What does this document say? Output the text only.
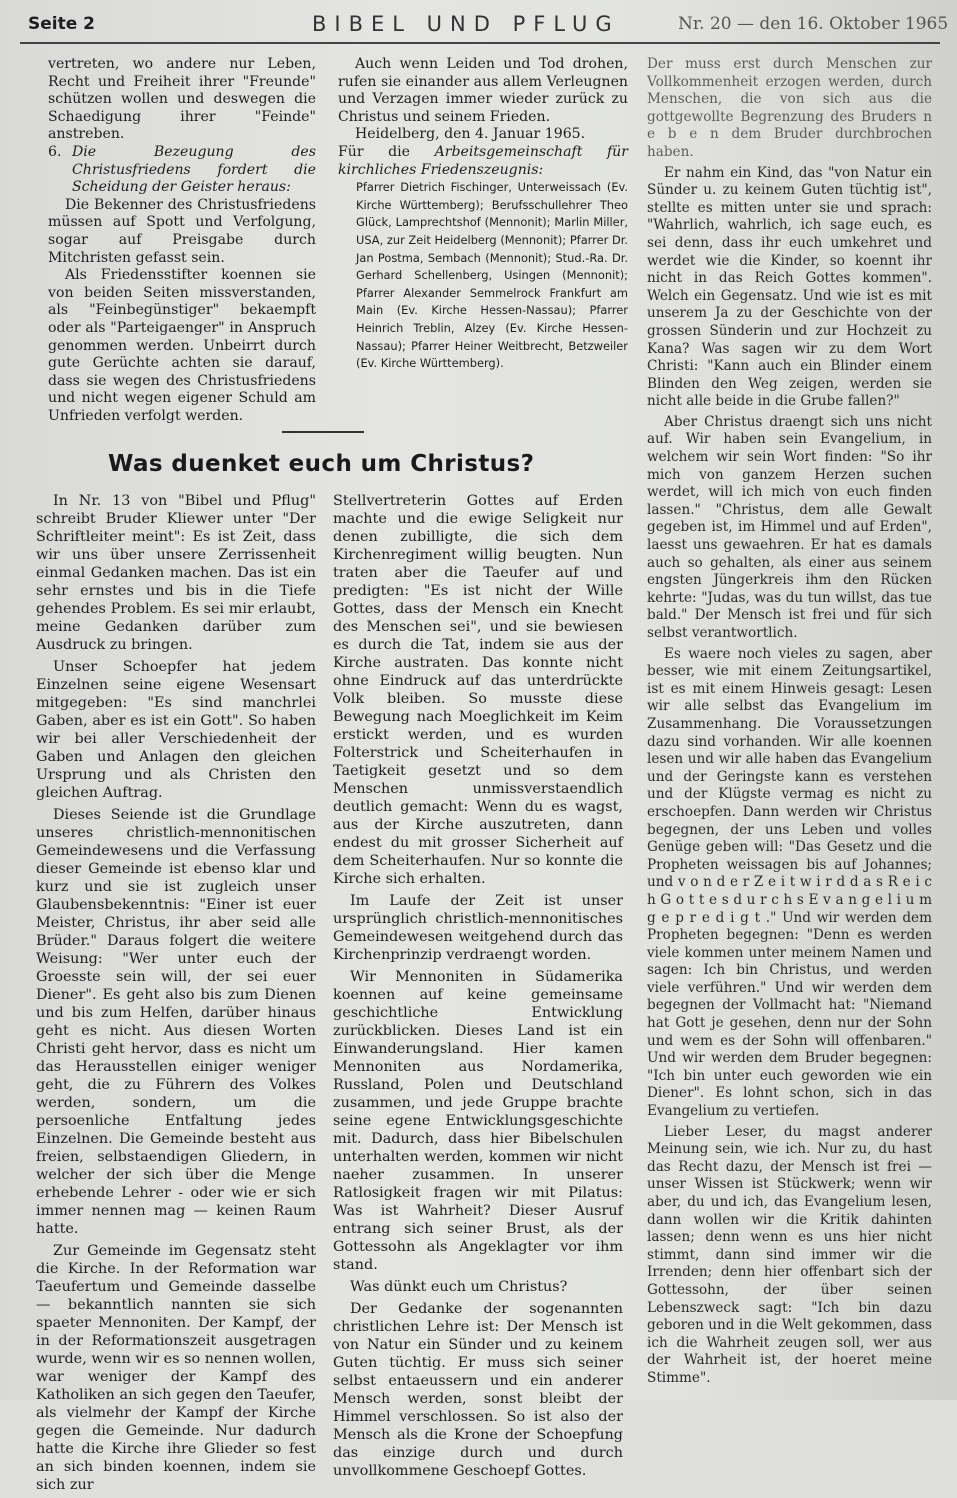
Seite 2	BIBEL UND PFLUG	Nr. 20 — den 16. Oktober 1965

vertreten, wo andere nur Leben, Recht und Freiheit ihrer "Freunde" schützen wollen und deswegen die Schaedigung ihrer "Feinde" anstreben.

6. Die Bezeugung des Christusfriedens fordert die Scheidung der Geister heraus:

Die Bekenner des Christusfriedens müssen auf Spott und Verfolgung, sogar auf Preisgabe durch Mitchristen gefasst sein.

Als Friedensstifter koennen sie von beiden Seiten missverstanden, als "Feinbegünstiger" bekaempft oder als "Parteigaenger" in Anspruch genommen werden. Unbeirrt durch gute Gerüchte achten sie darauf, dass sie wegen des Christusfriedens und nicht wegen eigener Schuld am Unfrieden verfolgt werden.

Auch wenn Leiden und Tod drohen, rufen sie einander aus allem Verleugnen und Verzagen immer wieder zurück zu Christus und seinem Frieden.

Heidelberg, den 4. Januar 1965.

Für die Arbeitsgemeinschaft für kirchliches Friedenszeugnis:

Pfarrer Dietrich Fischinger, Unterweissach (Ev. Kirche Württemberg); Berufsschullehrer Theo Glück, Lamprechtshof (Mennonit); Marlin Miller, USA, zur Zeit Heidelberg (Mennonit); Pfarrer Dr. Jan Postma, Sembach (Mennonit); Stud.-Ra. Dr. Gerhard Schellenberg, Usingen (Mennonit); Pfarrer Alexander Semmelrock Frankfurt am Main (Ev. Kirche Hessen-Nassau); Pfarrer Heinrich Treblin, Alzey (Ev. Kirche Hessen-Nassau); Pfarrer Heiner Weitbrecht, Betzweiler (Ev. Kirche Württemberg).

Was duenket euch um Christus?

In Nr. 13 von "Bibel und Pflug" schreibt Bruder Kliewer unter "Der Schriftleiter meint": Es ist Zeit, dass wir uns über unsere Zerrissenheit einmal Gedanken machen. Das ist ein sehr ernstes und bis in die Tiefe gehendes Problem. Es sei mir erlaubt, meine Gedanken darüber zum Ausdruck zu bringen.

Unser Schoepfer hat jedem Einzelnen seine eigene Wesensart mitgegeben: "Es sind manchrlei Gaben, aber es ist ein Gott". So haben wir bei aller Verschiedenheit der Gaben und Anlagen den gleichen Ursprung und als Christen den gleichen Auftrag.

Dieses Seiende ist die Grundlage unseres christlich-mennonitischen Gemeindewesens und die Verfassung dieser Gemeinde ist ebenso klar und kurz und sie ist zugleich unser Glaubensbekenntnis: "Einer ist euer Meister, Christus, ihr aber seid alle Brüder." Daraus folgert die weitere Weisung: "Wer unter euch der Groesste sein will, der sei euer Diener". Es geht also bis zum Dienen und bis zum Helfen, darüber hinaus geht es nicht. Aus diesen Worten Christi geht hervor, dass es nicht um das Herausstellen einiger weniger geht, die zu Führern des Volkes werden, sondern, um die persoenliche Entfaltung jedes Einzelnen. Die Gemeinde besteht aus freien, selbstaendigen Gliedern, in welcher der sich über die Menge erhebende Lehrer - oder wie er sich immer nennen mag — keinen Raum hatte.

Zur Gemeinde im Gegensatz steht die Kirche. In der Reformation war Taeufertum und Gemeinde dasselbe — bekanntlich nannten sie sich spaeter Mennoniten. Der Kampf, der in der Reformationszeit ausgetragen wurde, wenn wir es so nennen wollen, war weniger der Kampf des Katholiken an sich gegen den Taeufer, als vielmehr der Kampf der Kirche gegen die Gemeinde. Nur dadurch hatte die Kirche ihre Glieder so fest an sich binden koennen, indem sie sich zur

Stellvertreterin Gottes auf Erden machte und die ewige Seligkeit nur denen zubilligte, die sich dem Kirchenregiment willig beugten. Nun traten aber die Taeufer auf und predigten: "Es ist nicht der Wille Gottes, dass der Mensch ein Knecht des Menschen sei", und sie bewiesen es durch die Tat, indem sie aus der Kirche austraten. Das konnte nicht ohne Eindruck auf das unterdrückte Volk bleiben. So musste diese Bewegung nach Moeglichkeit im Keim erstickt werden, und es wurden Folterstrick und Scheiterhaufen in Taetigkeit gesetzt und so dem Menschen unmissverstaendlich deutlich gemacht: Wenn du es wagst, aus der Kirche auszutreten, dann endest du mit grosser Sicherheit auf dem Scheiterhaufen. Nur so konnte die Kirche sich erhalten.

Im Laufe der Zeit ist unser ursprünglich christlich-mennonitisches Gemeindewesen weitgehend durch das Kirchenprinzip verdraengt worden.

Wir Mennoniten in Südamerika koennen auf keine gemeinsame geschichtliche Entwicklung zurückblicken. Dieses Land ist ein Einwanderungsland. Hier kamen Mennoniten aus Nordamerika, Russland, Polen und Deutschland zusammen, und jede Gruppe brachte seine egene Entwicklungsgeschichte mit. Dadurch, dass hier Bibelschulen unterhalten werden, kommen wir nicht naeher zusammen. In unserer Ratlosigkeit fragen wir mit Pilatus: Was ist Wahrheit? Dieser Ausruf entrang sich seiner Brust, als der Gottessohn als Angeklagter vor ihm stand.

Was dünkt euch um Christus?

Der Gedanke der sogenannten christlichen Lehre ist: Der Mensch ist von Natur ein Sünder und zu keinem Guten tüchtig. Er muss sich seiner selbst entaeussern und ein anderer Mensch werden, sonst bleibt der Himmel verschlossen. So ist also der Mensch als die Krone der Schoepfung das einzige durch und durch unvollkommene Geschoepf Gottes.

Der muss erst durch Menschen zur Vollkommenheit erzogen werden, durch Menschen, die von sich aus die gottgewollte Begrenzung des Bruders n e b e n dem Bruder durchbrochen haben.

Er nahm ein Kind, das "von Natur ein Sünder u. zu keinem Guten tüchtig ist", stellte es mitten unter sie und sprach: "Wahrlich, wahrlich, ich sage euch, es sei denn, dass ihr euch umkehret und werdet wie die Kinder, so koennt ihr nicht in das Reich Gottes kommen". Welch ein Gegensatz. Und wie ist es mit unserem Ja zu der Geschichte von der grossen Sünderin und zur Hochzeit zu Kana? Was sagen wir zu dem Wort Christi: "Kann auch ein Blinder einem Blinden den Weg zeigen, werden sie nicht alle beide in die Grube fallen?"

Aber Christus draengt sich uns nicht auf. Wir haben sein Evangelium, in welchem wir sein Wort finden: "So ihr mich von ganzem Herzen suchen werdet, will ich mich von euch finden lassen." "Christus, dem alle Gewalt gegeben ist, im Himmel und auf Erden", laesst uns gewaehren. Er hat es damals auch so gehalten, als einer aus seinem engsten Jüngerkreis ihm den Rücken kehrte: "Judas, was du tun willst, das tue bald." Der Mensch ist frei und für sich selbst verantwortlich.

Es waere noch vieles zu sagen, aber besser, wie mit einem Zeitungsartikel, ist es mit einem Hinweis gesagt: Lesen wir alle selbst das Evangelium im Zusammenhang. Die Voraussetzungen dazu sind vorhanden. Wir alle koennen lesen und wir alle haben das Evangelium und der Geringste kann es verstehen und der Klügste vermag es nicht zu erschoepfen. Dann werden wir Christus begegnen, der uns Leben und volles Genüge geben will: "Das Gesetz und die Propheten weissagen bis auf Johannes; und v o n d e r Z e i t w i r d d a s R e i c h G o t t e s d u r c h s E v a n g e l i u m g e p r e d i g t ." Und wir werden dem Propheten begegnen: "Denn es werden viele kommen unter meinem Namen und sagen: Ich bin Christus, und werden viele verführen." Und wir werden dem begegnen der Vollmacht hat: "Niemand hat Gott je gesehen, denn nur der Sohn und wem es der Sohn will offenbaren." Und wir werden dem Bruder begegnen: "Ich bin unter euch geworden wie ein Diener". Es lohnt schon, sich in das Evangelium zu vertiefen.

Lieber Leser, du magst anderer Meinung sein, wie ich. Nur zu, du hast das Recht dazu, der Mensch ist frei — unser Wissen ist Stückwerk; wenn wir aber, du und ich, das Evangelium lesen, dann wollen wir die Kritik dahinten lassen; denn wenn es uns hier nicht stimmt, dann sind immer wir die Irrenden; denn hier offenbart sich der Gottessohn, der über seinen Lebenszweck sagt: "Ich bin dazu geboren und in die Welt gekommen, dass ich die Wahrheit zeugen soll, wer aus der Wahrheit ist, der hoeret meine Stimme".
